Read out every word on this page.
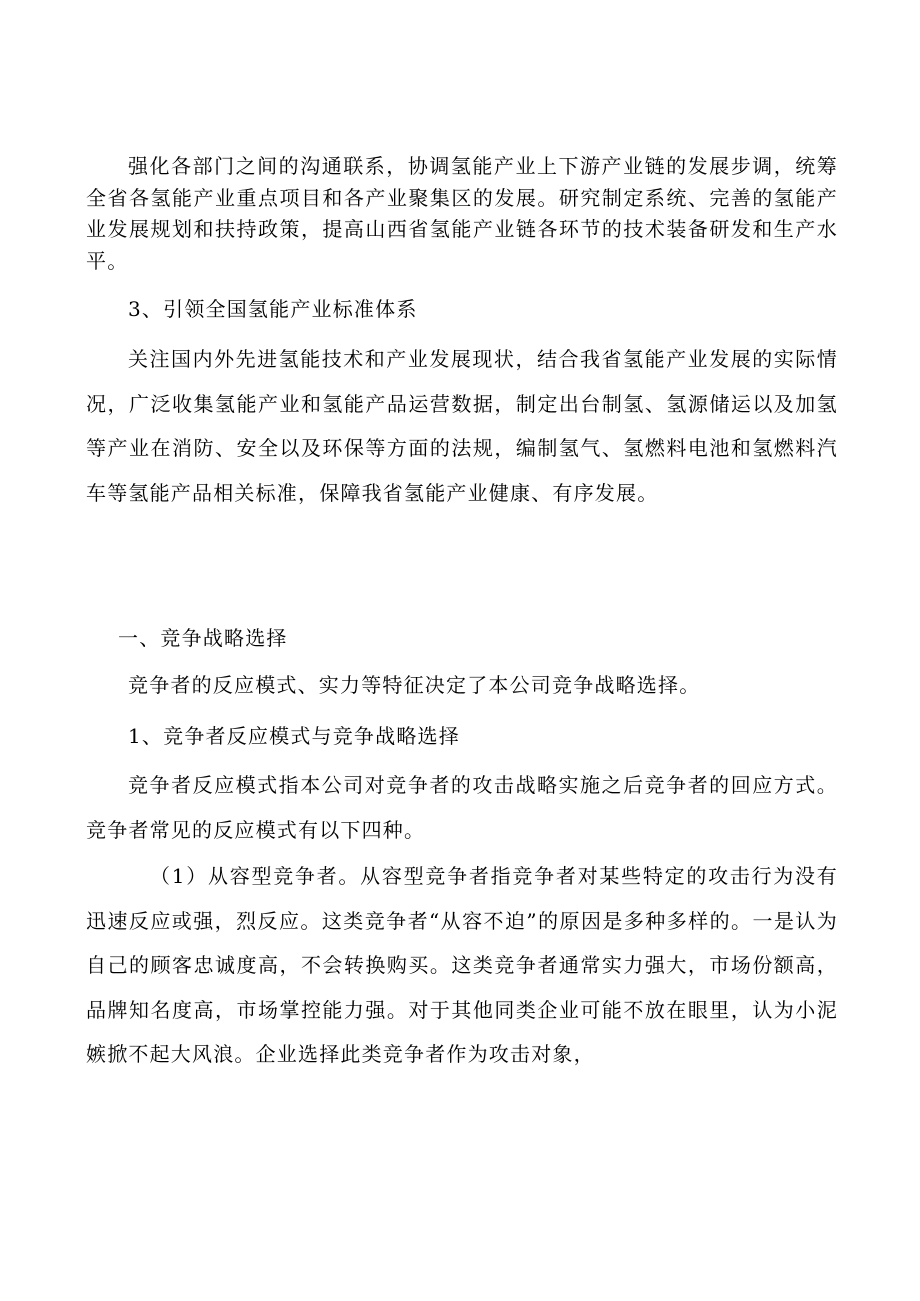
强化各部门之间的沟通联系，协调氢能产业上下游产业链的发展步调，统筹全省各氢能产业重点项目和各产业聚集区的发展。研究制定系统、完善的氢能产业发展规划和扶持政策，提高山西省氢能产业链各环节的技术装备研发和生产水平。

3、引领全国氢能产业标准体系

关注国内外先进氢能技术和产业发展现状，结合我省氢能产业发展的实际情况，广泛收集氢能产业和氢能产品运营数据，制定出台制氢、氢源储运以及加氢等产业在消防、安全以及环保等方面的法规，编制氢气、氢燃料电池和氢燃料汽车等氢能产品相关标准，保障我省氢能产业健康、有序发展。

一、竞争战略选择

竞争者的反应模式、实力等特征决定了本公司竞争战略选择。

1、竞争者反应模式与竞争战略选择

竞争者反应模式指本公司对竞争者的攻击战略实施之后竞争者的回应方式。竞争者常见的反应模式有以下四种。

（1）从容型竞争者。从容型竞争者指竞争者对某些特定的攻击行为没有迅速反应或强，烈反应。这类竞争者“从容不迫”的原因是多种多样的。一是认为自己的顾客忠诚度高，不会转换购买。这类竞争者通常实力强大，市场份额高，品牌知名度高，市场掌控能力强。对于其他同类企业可能不放在眼里，认为小泥嫉掀不起大风浪。企业选择此类竞争者作为攻击对象，
